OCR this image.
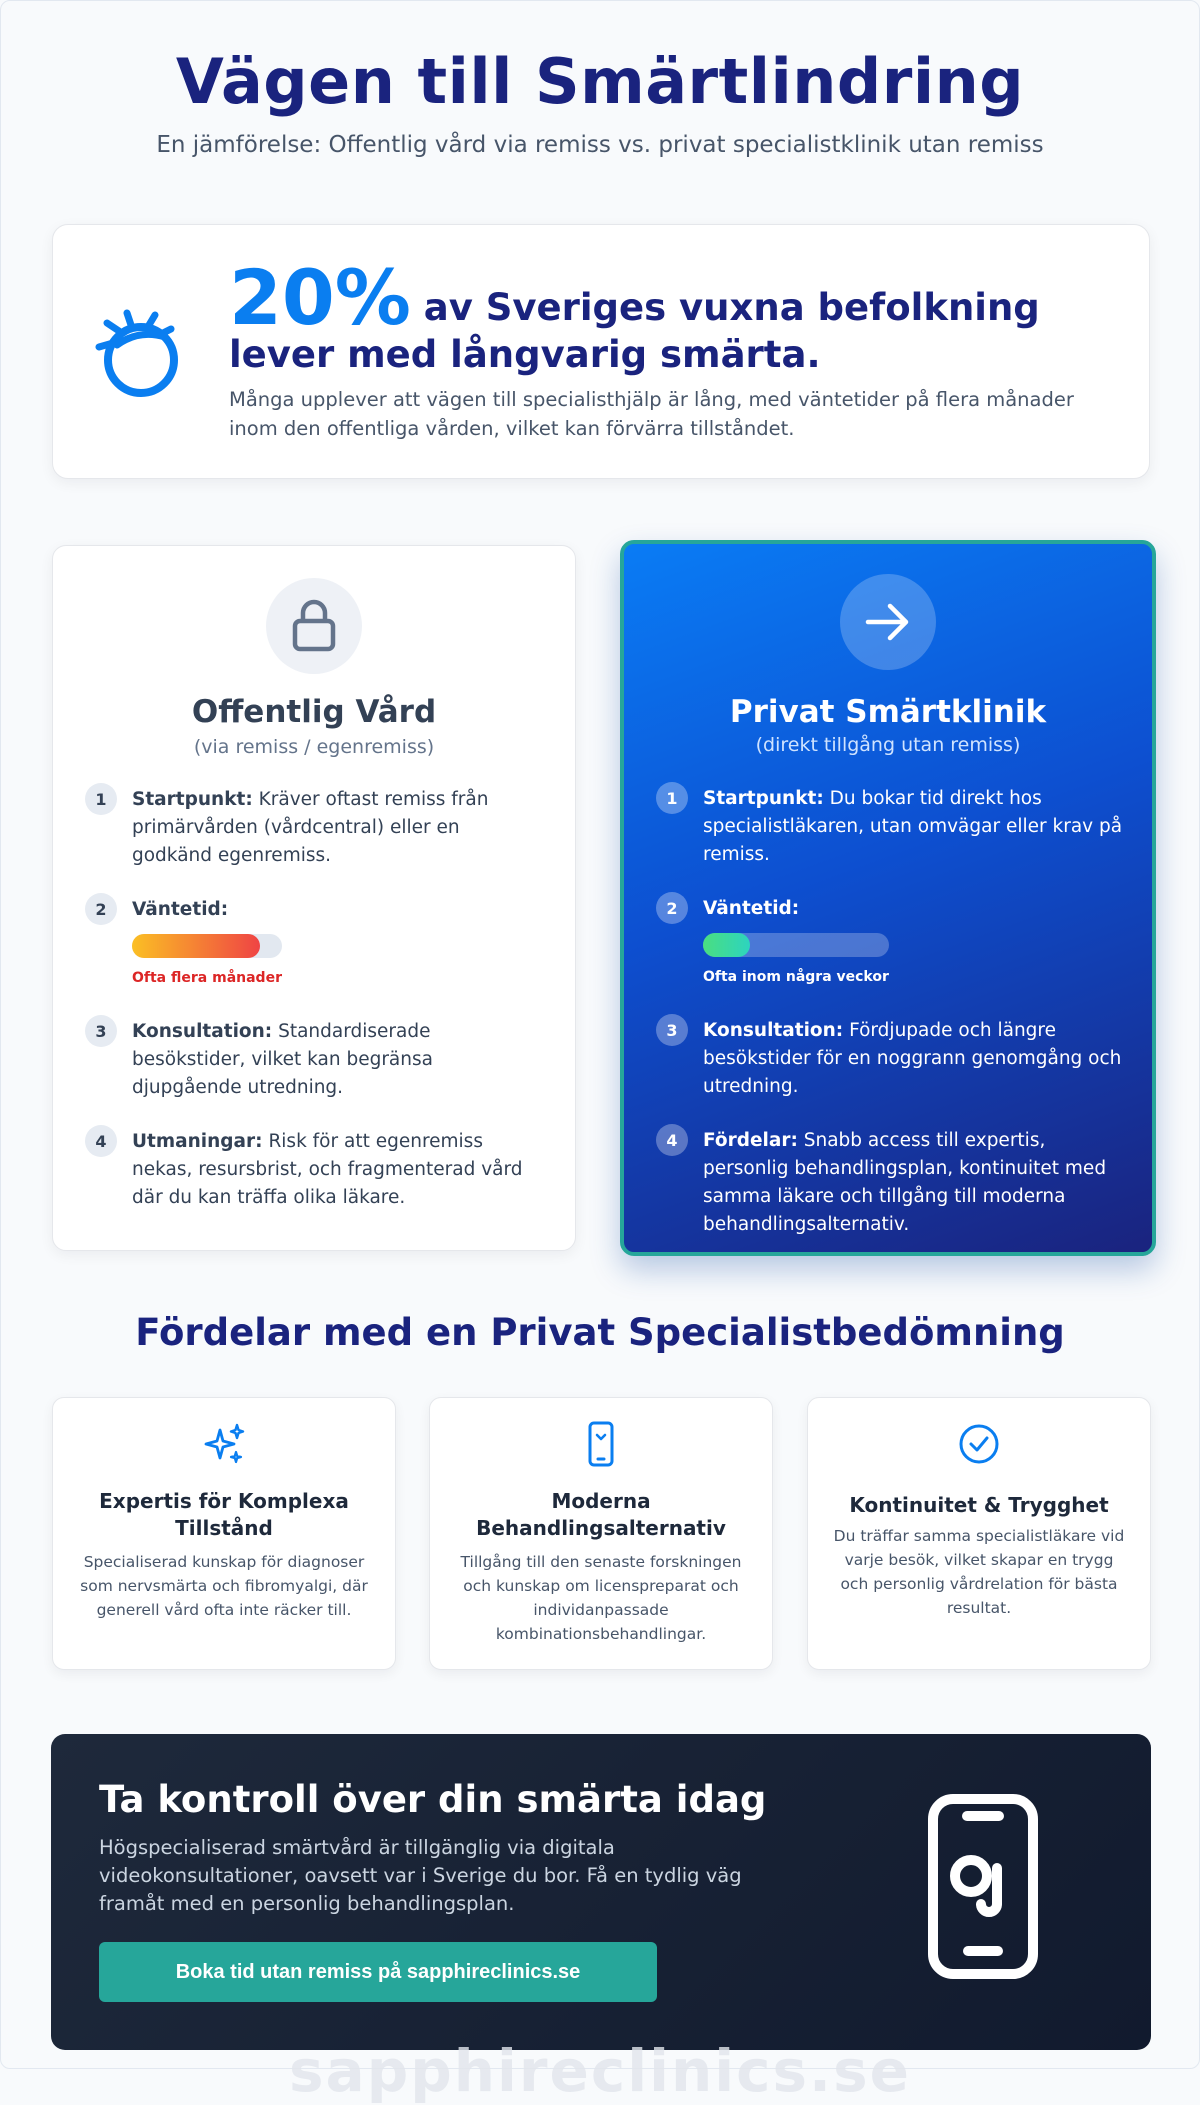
Vägen till Smärtlindring

En jämförelse: Offentlig vård via remiss vs. privat specialistklinik utan remiss

20% av Sveriges vuxna befolkning
lever med långvarig smärta.

Många upplever att vägen till specialisthjälp är lång, med väntetider på flera månader inom den offentliga vården, vilket kan förvärra tillståndet.

Offentlig Vård

(via remiss / egenremiss)

1	Startpunkt: Kräver oftast remiss från primärvården (vårdcentral) eller en godkänd egenremiss.
2	Väntetid:
Ofta flera månader
3	Konsultation: Standardiserade besökstider, vilket kan begränsa djupgående utredning.
4	Utmaningar: Risk för att egenremiss nekas, resursbrist, och fragmenterad vård där du kan träffa olika läkare.
Privat Smärtklinik

(direkt tillgång utan remiss)

1	Startpunkt: Du bokar tid direkt hos specialistläkaren, utan omvägar eller krav på remiss.
2	Väntetid:
Ofta inom några veckor
3	Konsultation: Fördjupade och längre besökstider för en noggrann genomgång och utredning.
4	Fördelar: Snabb access till expertis, personlig behandlingsplan, kontinuitet med samma läkare och tillgång till moderna behandlingsalternativ.
Fördelar med en Privat Specialistbedömning
Expertis för Komplexa Tillstånd

Specialiserad kunskap för diagnoser som nervsmärta och fibromyalgi, där generell vård ofta inte räcker till.

Moderna Behandlingsalternativ

Tillgång till den senaste forskningen och kunskap om licenspreparat och individanpassade kombinationsbehandlingar.

Kontinuitet & Trygghet

Du träffar samma specialistläkare vid varje besök, vilket skapar en trygg och personlig vårdrelation för bästa resultat.

Ta kontroll över din smärta idag

Högspecialiserad smärtvård är tillgänglig via digitala videokonsultationer, oavsett var i Sverige du bor. Få en tydlig väg framåt med en personlig behandlingsplan.

Boka tid utan remiss på sapphireclinics.se
sapphireclinics.se
